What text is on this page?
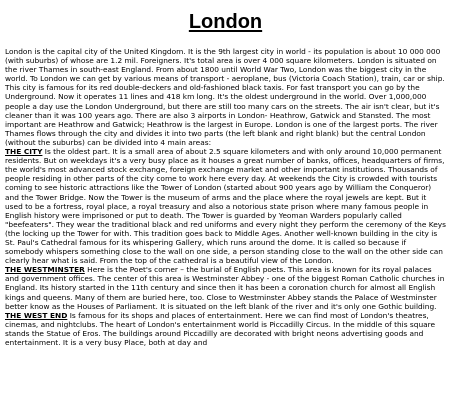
London

London is the capital city of the United Kingdom. It is the 9th largest city in world - its population is about 10 000 000 (with suburbs) of whose are 1.2 mil. Foreigners. It's total area is over 4 000 square kilometers. London is situated on the river Thames in south-east England. From about 1800 until World War Two, London was the biggest city in the world. To London we can get by various means of transport - aeroplane, bus (Victoria Coach Station), train, car or ship. This city is famous for its red double-deckers and old-fashioned black taxis. For fast transport you can go by the Underground. Now it operates 11 lines and 418 km long. It's the oldest underground in the world. Over 1,000,000 people a day use the London Underground, but there are still too many cars on the streets. The air isn't clear, but it's cleaner than it was 100 years ago. There are also 3 airports in London- Heathrow, Gatwick and Stansted. The most important are Heathrow and Gatwick; Heathrow is the largest in Europe. London is one of the largest ports. The river Thames flows through the city and divides it into two parts (the left blank and right blank) but the central London (without the suburbs) can be divided into 4 main areas:

THE CITY Is the oldest part. It is a small area of about 2.5 square kilometers and with only around 10,000 permanent residents. But on weekdays it's a very busy place as it houses a great number of banks, offices, headquarters of firms, the world's most advanced stock exchange, foreign exchange market and other important institutions. Thousands of people residing in other parts of the city come to work here every day. At weekends the City is crowded with tourists coming to see historic attractions like the Tower of London (started about 900 years ago by William the Conqueror) and the Tower Bridge. Now the Tower is the museum of arms and the place where the royal jewels are kept. But it used to be a fortress, royal place, a royal treasury and also a notorious state prison where many famous people in English history were imprisoned or put to death. The Tower is guarded by Yeoman Warders popularly called "beefeaters". They wear the traditional black and red uniforms and every night they perform the ceremony of the Keys (the locking up the Tower for with. This tradition goes back to Middle Ages. Another well-known building in the city is St. Paul's Cathedral famous for its whispering Gallery, which runs around the dome. It is called so because if somebody whispers something close to the wall on one side, a person standing close to the wall on the other side can clearly hear what is said. From the top of the cathedral is a beautiful view of the London.

THE WESTMINSTER Here is the Poet's corner – the burial of English poets. This area is known for its royal palaces and government offices. The center of this area is Westminster Abbey - one of the biggest Roman Catholic churches in England. Its history started in the 11th century and since then it has been a coronation church for almost all English kings and queens. Many of them are buried here, too. Close to Westminster Abbey stands the Palace of Westminster better know as the Houses of Parliament. It is situated on the left blank of the river and it's only one Gothic building.

THE WEST END Is famous for its shops and places of entertainment. Here we can find most of London's theatres, cinemas, and nightclubs. The heart of London's entertainment world is Piccadilly Circus. In the middle of this square stands the Statue of Eros. The buildings around Piccadilly are decorated with bright neons advertising goods and entertainment. It is a very busy Place, both at day and
